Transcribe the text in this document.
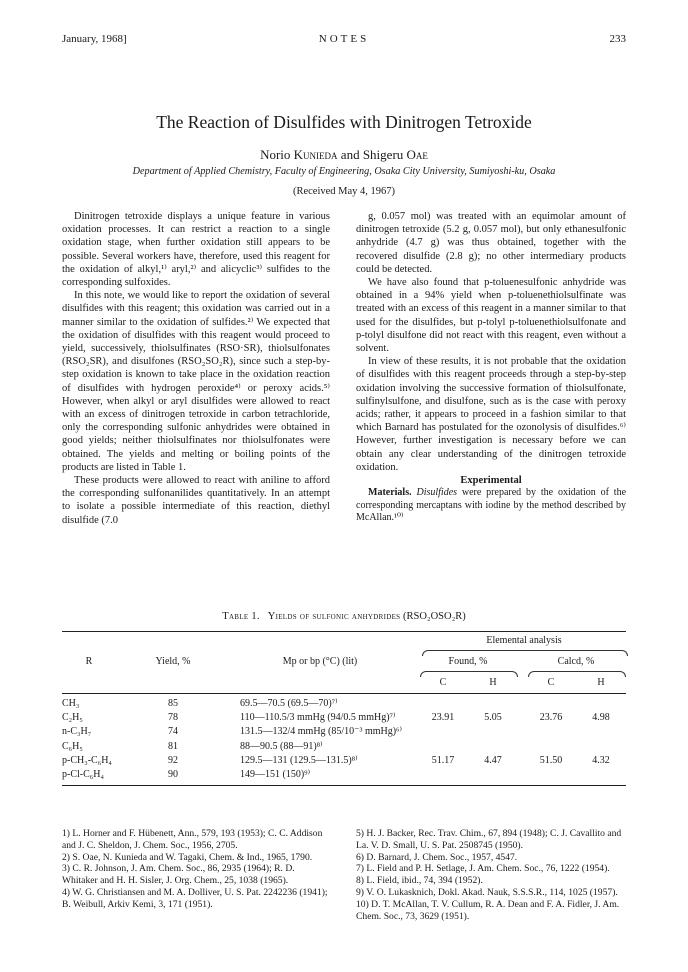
January, 1968]	NOTES	233
The Reaction of Disulfides with Dinitrogen Tetroxide
Norio Kunieda and Shigeru Oae
Department of Applied Chemistry, Faculty of Engineering, Osaka City University, Sumiyoshi-ku, Osaka
(Received May 4, 1967)

Dinitrogen tetroxide displays a unique feature in various oxidation processes. It can restrict a reaction to a single oxidation stage, when further oxidation still appears to be possible. Several workers have, therefore, used this reagent for the oxidation of alkyl,¹⁾ aryl,²⁾ and alicyclic³⁾ sulfides to the corresponding sulfoxides.

In this note, we would like to report the oxidation of several disulfides with this reagent; this oxidation was carried out in a manner similar to the oxidation of sulfides.²⁾ We expected that the oxidation of disulfides with this reagent would proceed to yield, successively, thiolsulfinates (RSO·SR), thiolsulfonates (RSO₂SR), and disulfones (RSO₂SO₂R), since such a step-by-step oxidation is known to take place in the oxidation reaction of disulfides with hydrogen peroxide⁴⁾ or peroxy acids.⁵⁾ However, when alkyl or aryl disulfides were allowed to react with an excess of dinitrogen tetroxide in carbon tetrachloride, only the corresponding sulfonic anhydrides were obtained in good yields; neither thiolsulfinates nor thiolsulfonates were obtained. The yields and melting or boiling points of the products are listed in Table 1.

These products were allowed to react with aniline to afford the corresponding sulfonanilides quantitatively. In an attempt to isolate a possible intermediate of this reaction, diethyl disulfide (7.0

g, 0.057 mol) was treated with an equimolar amount of dinitrogen tetroxide (5.2 g, 0.057 mol), but only ethanesulfonic anhydride (4.7 g) was thus obtained, together with the recovered disulfide (2.8 g); no other intermediary products could be detected.

We have also found that p-toluenesulfonic anhydride was obtained in a 94% yield when p-toluenethiolsulfinate was treated with an excess of this reagent in a manner similar to that used for the disulfides, but p-tolyl p-toluenethiolsulfonate and p-tolyl disulfone did not react with this reagent, even without a solvent.

In view of these results, it is not probable that the oxidation of disulfides with this reagent proceeds through a step-by-step oxidation involving the successive formation of thiolsulfonate, sulfinylsulfone, and disulfone, such as is the case with peroxy acids; rather, it appears to proceed in a fashion similar to that which Barnard has postulated for the ozonolysis of disulfides.⁶⁾ However, further investigation is necessary before we can obtain any clear understanding of the dinitrogen tetroxide oxidation.

Experimental

Materials. Disulfides were prepared by the oxidation of the corresponding mercaptans with iodine by the method described by McAllan.¹⁰⁾

Table 1. Yields of sulfonic anhydrides (RSO₂OSO₂R)
Elemental analysis
R	Yield, %	Mp or bp (°C) (lit)	Found, %	Calcd, %
C	H	C	H
CH₃	85	69.5—70.5 (69.5—70)⁷⁾
C₂H₅	78	110—110.5/3 mmHg (94/0.5 mmHg)⁷⁾	23.91	5.05	23.76	4.98
n-C₃H₇	74	131.5—132/4 mmHg (85/10⁻³ mmHg)⁶⁾
C₆H₅	81	88—90.5 (88—91)⁸⁾
p-CH₃-C₆H₄	92	129.5—131 (129.5—131.5)⁸⁾	51.17	4.47	51.50	4.32
p-Cl-C₆H₄	90	149—151 (150)⁹⁾
1) L. Horner and F. Hübenett, Ann., 579, 193 (1953); C. C. Addison and J. C. Sheldon, J. Chem. Soc., 1956, 2705.
2) S. Oae, N. Kunieda and W. Tagaki, Chem. & Ind., 1965, 1790.
3) C. R. Johnson, J. Am. Chem. Soc., 86, 2935 (1964); R. D. Whitaker and H. H. Sisler, J. Org. Chem., 25, 1038 (1965).
4) W. G. Christiansen and M. A. Dolliver, U. S. Pat. 2242236 (1941); B. Weibull, Arkiv Kemi, 3, 171 (1951).
5) H. J. Backer, Rec. Trav. Chim., 67, 894 (1948); C. J. Cavallito and La. V. D. Small, U. S. Pat. 2508745 (1950).
6) D. Barnard, J. Chem. Soc., 1957, 4547.
7) L. Field and P. H. Setlage, J. Am. Chem. Soc., 76, 1222 (1954).
8) L. Field, ibid., 74, 394 (1952).
9) V. O. Lukasknich, Dokl. Akad. Nauk, S.S.S.R., 114, 1025 (1957).
10) D. T. McAllan, T. V. Cullum, R. A. Dean and F. A. Fidler, J. Am. Chem. Soc., 73, 3629 (1951).
